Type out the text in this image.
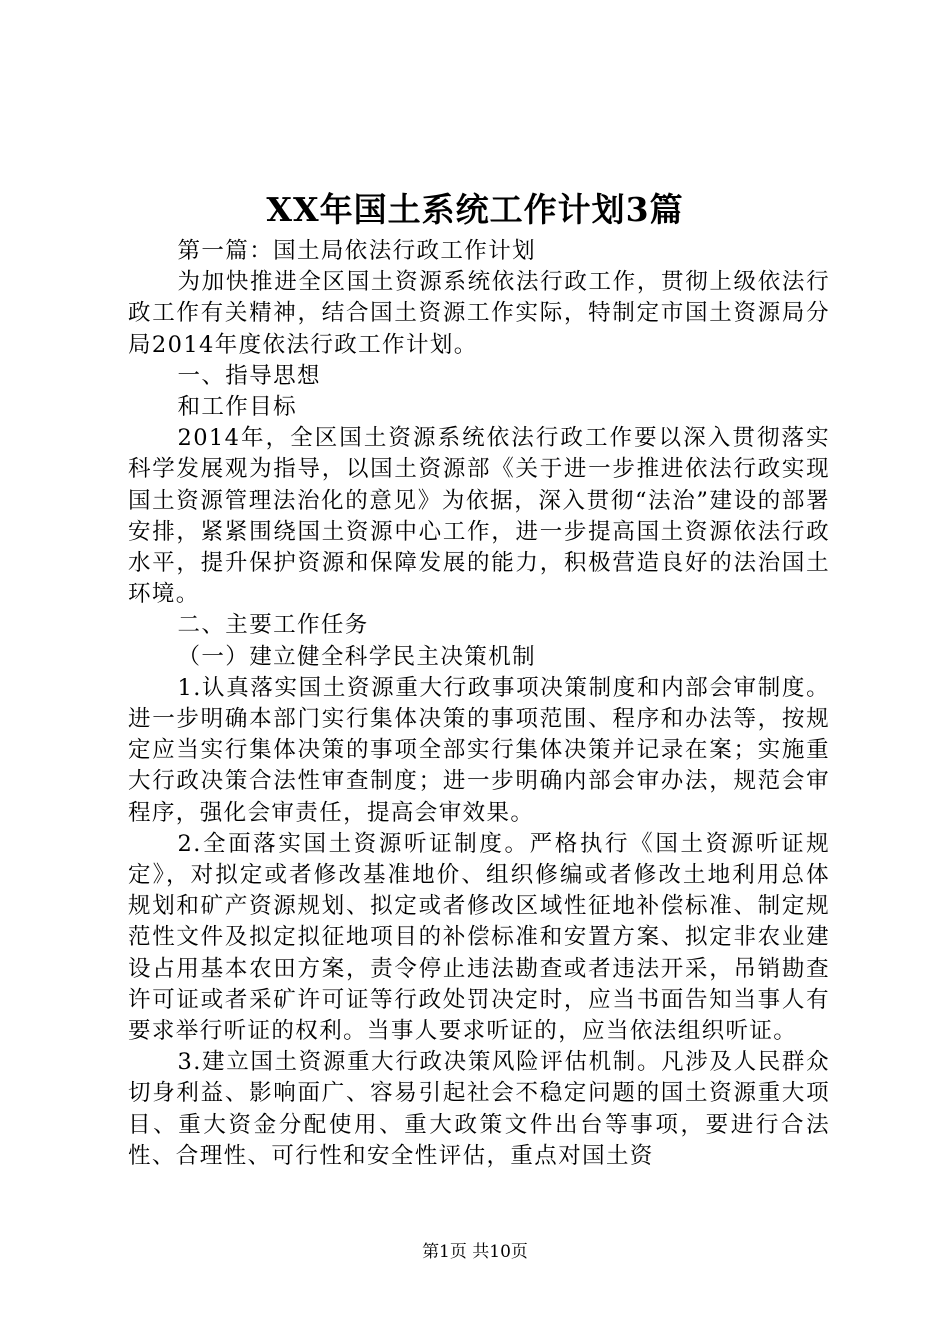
XX年国土系统工作计划3篇

第一篇：国土局依法行政工作计划

为加快推进全区国土资源系统依法行政工作，贯彻上级依法行政工作有关精神，结合国土资源工作实际，特制定市国土资源局分局2014年度依法行政工作计划。

一、指导思想

和工作目标

2014年，全区国土资源系统依法行政工作要以深入贯彻落实科学发展观为指导，以国土资源部《关于进一步推进依法行政实现国土资源管理法治化的意见》为依据，深入贯彻“法治”建设的部署安排，紧紧围绕国土资源中心工作，进一步提高国土资源依法行政水平，提升保护资源和保障发展的能力，积极营造良好的法治国土环境。

二、主要工作任务

（一）建立健全科学民主决策机制

1.认真落实国土资源重大行政事项决策制度和内部会审制度。进一步明确本部门实行集体决策的事项范围、程序和办法等，按规定应当实行集体决策的事项全部实行集体决策并记录在案；实施重大行政决策合法性审查制度；进一步明确内部会审办法，规范会审程序，强化会审责任，提高会审效果。

2.全面落实国土资源听证制度。严格执行《国土资源听证规定》，对拟定或者修改基准地价、组织修编或者修改土地利用总体规划和矿产资源规划、拟定或者修改区域性征地补偿标准、制定规范性文件及拟定拟征地项目的补偿标准和安置方案、拟定非农业建设占用基本农田方案，责令停止违法勘查或者违法开采，吊销勘查许可证或者采矿许可证等行政处罚决定时，应当书面告知当事人有要求举行听证的权利。当事人要求听证的，应当依法组织听证。

3.建立国土资源重大行政决策风险评估机制。凡涉及人民群众切身利益、影响面广、容易引起社会不稳定问题的国土资源重大项目、重大资金分配使用、重大政策文件出台等事项，要进行合法性、合理性、可行性和安全性评估，重点对国土资

第1页 共10页
